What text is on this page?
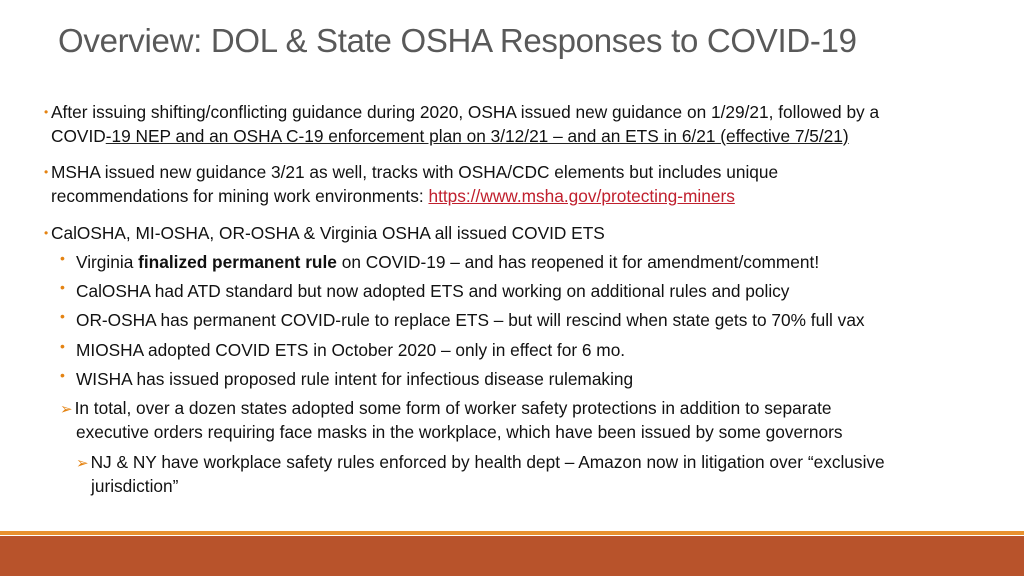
Overview: DOL & State OSHA Responses to COVID-19
• After issuing shifting/conflicting guidance during 2020, OSHA issued new guidance on 1/29/21, followed by a
COVID-19 NEP and an OSHA C-19 enforcement plan on 3/12/21 – and an ETS in 6/21 (effective 7/5/21)
• MSHA issued new guidance 3/21 as well, tracks with OSHA/CDC elements but includes unique
recommendations for mining work environments: https://www.msha.gov/protecting-miners
• CalOSHA, MI-OSHA, OR-OSHA & Virginia OSHA all issued COVID ETS
• Virginia finalized permanent rule on COVID-19 – and has reopened it for amendment/comment!
• CalOSHA had ATD standard but now adopted ETS and working on additional rules and policy
• OR-OSHA has permanent COVID-rule to replace ETS – but will rescind when state gets to 70% full vax
• MIOSHA adopted COVID ETS in October 2020 – only in effect for 6 mo.
• WISHA has issued proposed rule intent for infectious disease rulemaking
➢ In total, over a dozen states adopted some form of worker safety protections in addition to separate
executive orders requiring face masks in the workplace, which have been issued by some governors
➢ NJ & NY have workplace safety rules enforced by health dept – Amazon now in litigation over “exclusive
jurisdiction”
